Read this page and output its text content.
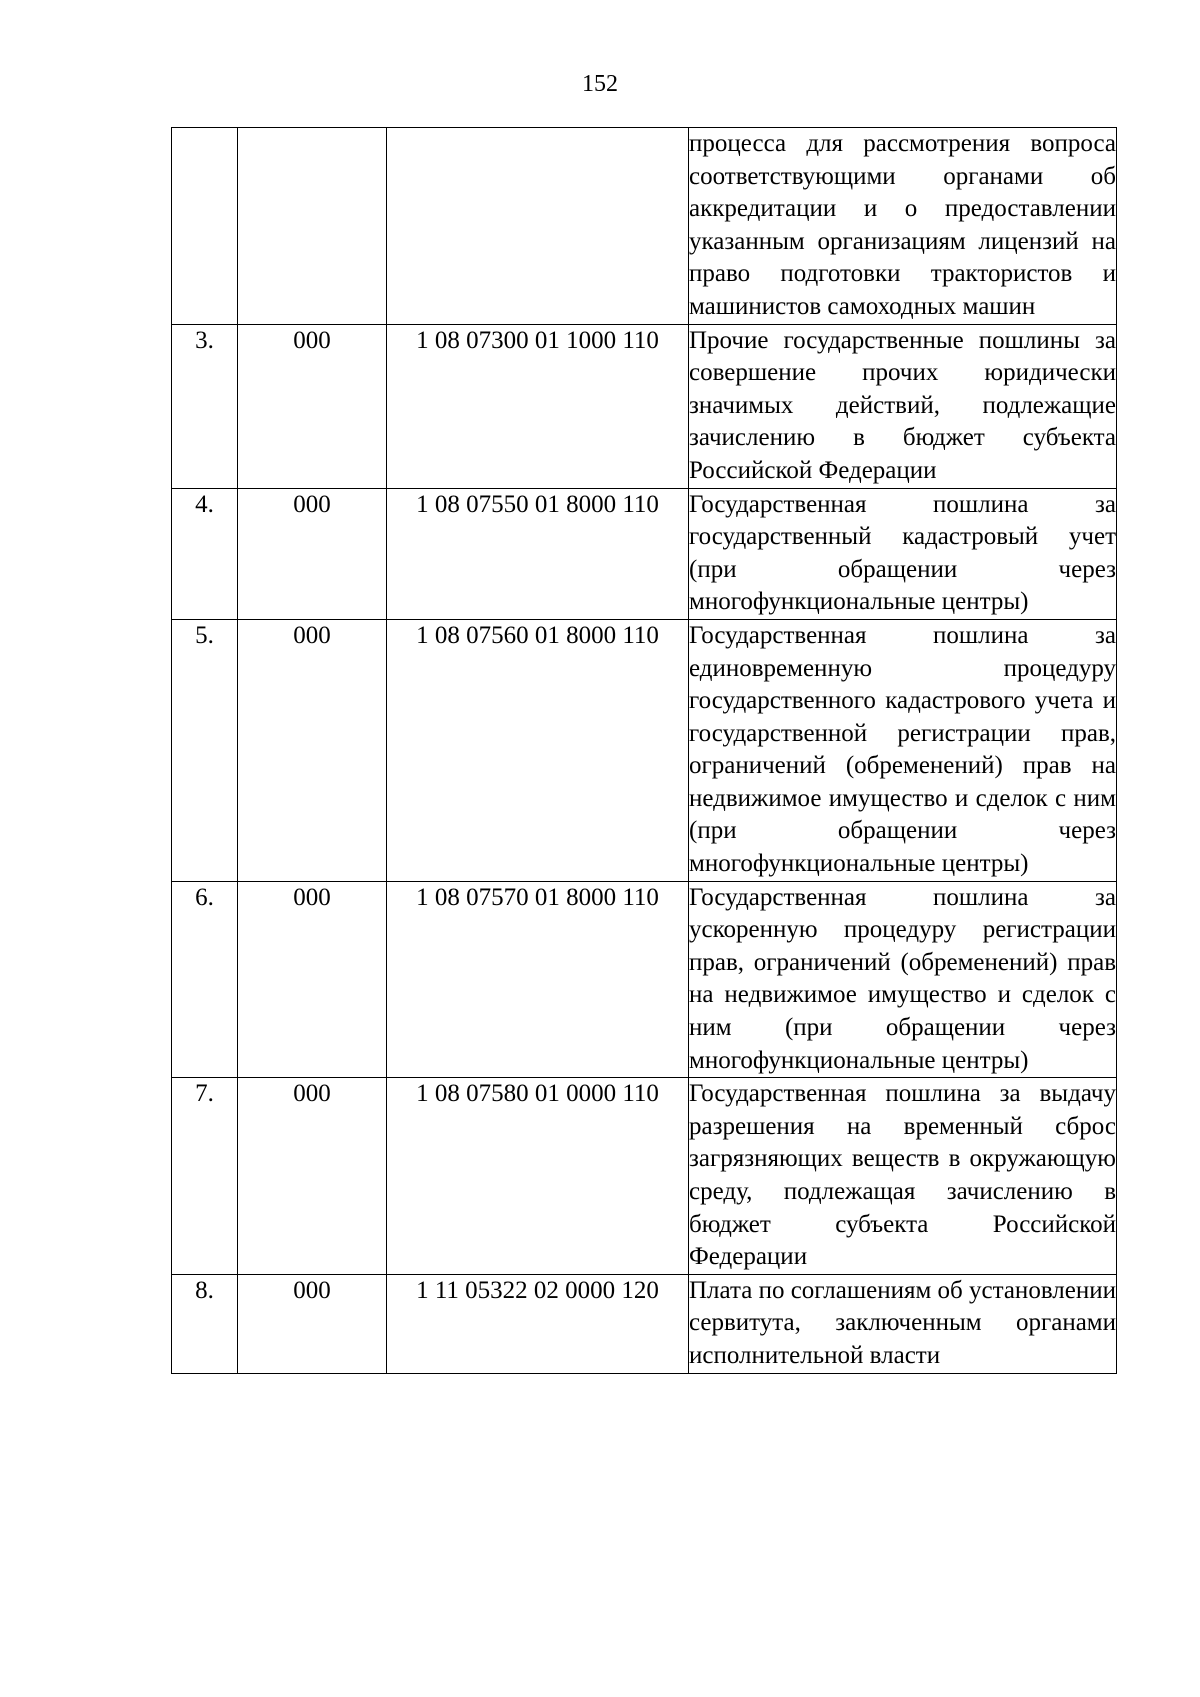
152
			процесса для рассмотрения вопроса соответствующими органами об аккредитации и о предоставлении указанным организациям лицензий на право подготовки трактористов и машинистов самоходных машин
3.	000	1 08 07300 01 1000 110	Прочие государственные пошлины за совершение прочих юридически значимых действий, подлежащие зачислению в бюджет субъекта Российской Федерации
4.	000	1 08 07550 01 8000 110	Государственная пошлина за государственный кадастровый учет (при обращении через многофункциональные центры)
5.	000	1 08 07560 01 8000 110	Государственная пошлина за единовременную процедуру государственного кадастрового учета и государственной регистрации прав, ограничений (обременений) прав на недвижимое имущество и сделок с ним (при обращении через многофункциональные центры)
6.	000	1 08 07570 01 8000 110	Государственная пошлина за ускоренную процедуру регистрации прав, ограничений (обременений) прав на недвижимое имущество и сделок с ним (при обращении через многофункциональные центры)
7.	000	1 08 07580 01 0000 110	Государственная пошлина за выдачу разрешения на временный сброс загрязняющих веществ в окружающую среду, подлежащая зачислению в бюджет субъекта Российской Федерации
8.	000	1 11 05322 02 0000 120	Плата по соглашениям об установлении сервитута, заключенным органами исполнительной власти
